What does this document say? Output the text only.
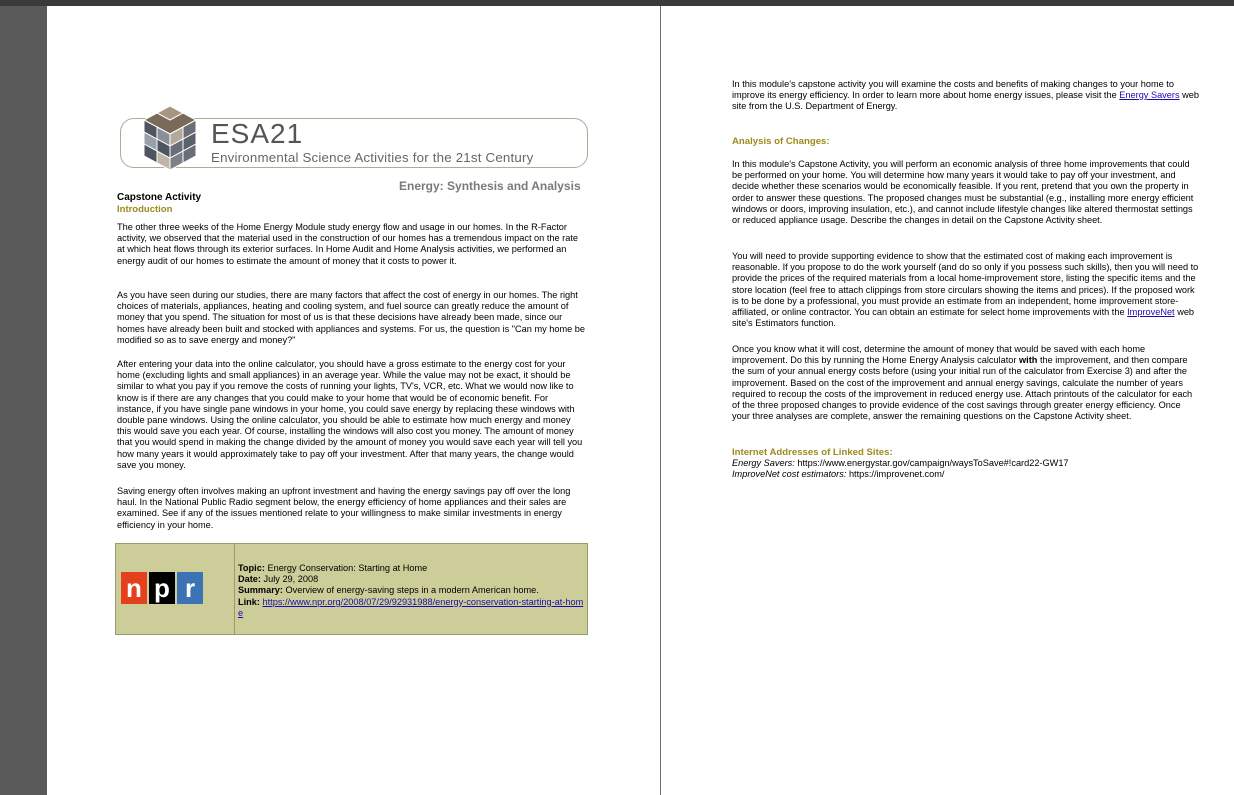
ESA21
Environmental Science Activities for the 21st Century
Energy: Synthesis and Analysis
Capstone Activity
Introduction

The other three weeks of the Home Energy Module study energy flow and usage in our homes. In the R-Factor activity, we observed that the material used in the construction of our homes has a tremendous impact on the rate at which heat flows through its exterior surfaces. In Home Audit and Home Analysis activities, we performed an energy audit of our homes to estimate the amount of money that it costs to power it.

As you have seen during our studies, there are many factors that affect the cost of energy in our homes. The right choices of materials, appliances, heating and cooling system, and fuel source can greatly reduce the amount of money that you spend. The situation for most of us is that these decisions have already been made, since our homes have already been built and stocked with appliances and systems. For us, the question is "Can my home be modified so as to save energy and money?"

After entering your data into the online calculator, you should have a gross estimate to the energy cost for your home (excluding lights and small appliances) in an average year. While the value may not be exact, it should be similar to what you pay if you remove the costs of running your lights, TV's, VCR, etc. What we would now like to know is if there are any changes that you could make to your home that would be of economic benefit. For instance, if you have single pane windows in your home, you could save energy by replacing these windows with double pane windows. Using the online calculator, you should be able to estimate how much energy and money this would save you each year. Of course, installing the windows will also cost you money. The amount of money that you would spend in making the change divided by the amount of money you would save each year will tell you how many years it would approximately take to pay off your investment. After that many years, the change would save you money.

Saving energy often involves making an upfront investment and having the energy savings pay off over the long haul. In the National Public Radio segment below, the energy efficiency of home appliances and their sales are examined. See if any of the issues mentioned relate to your willingness to make similar investments in energy efficiency in your home.

n p r
Topic: Energy Conservation: Starting at Home
Date: July 29, 2008
Summary: Overview of energy-saving steps in a modern American home.
Link: https://www.npr.org/2008/07/29/92931988/energy-conservation-starting-at-home

In this module's capstone activity you will examine the costs and benefits of making changes to your home to improve its energy efficiency. In order to learn more about home energy issues, please visit the Energy Savers web site from the U.S. Department of Energy.

Analysis of Changes:

In this module's Capstone Activity, you will perform an economic analysis of three home improvements that could be performed on your home. You will determine how many years it would take to pay off your investment, and decide whether these scenarios would be economically feasible. If you rent, pretend that you own the property in order to answer these questions. The proposed changes must be substantial (e.g., installing more energy efficient windows or doors, improving insulation, etc.), and cannot include lifestyle changes like altered thermostat settings or reduced appliance usage. Describe the changes in detail on the Capstone Activity sheet.

You will need to provide supporting evidence to show that the estimated cost of making each improvement is reasonable. If you propose to do the work yourself (and do so only if you possess such skills), then you will need to provide the prices of the required materials from a local home-improvement store, listing the specific items and the store location (feel free to attach clippings from store circulars showing the items and prices). If the proposed work is to be done by a professional, you must provide an estimate from an independent, home improvement store-affiliated, or online contractor. You can obtain an estimate for select home improvements with the ImproveNet web site's Estimators function.

Once you know what it will cost, determine the amount of money that would be saved with each home improvement. Do this by running the Home Energy Analysis calculator with the improvement, and then compare the sum of your annual energy costs before (using your initial run of the calculator from Exercise 3) and after the improvement. Based on the cost of the improvement and annual energy savings, calculate the number of years required to recoup the costs of the improvement in reduced energy use. Attach printouts of the calculator for each of the three proposed changes to provide evidence of the cost savings through greater energy efficiency. Once your three analyses are complete, answer the remaining questions on the Capstone Activity sheet.

Internet Addresses of Linked Sites:
Energy Savers: https://www.energystar.gov/campaign/waysToSave#!card22-GW17
ImproveNet cost estimators: https://improvenet.com/
